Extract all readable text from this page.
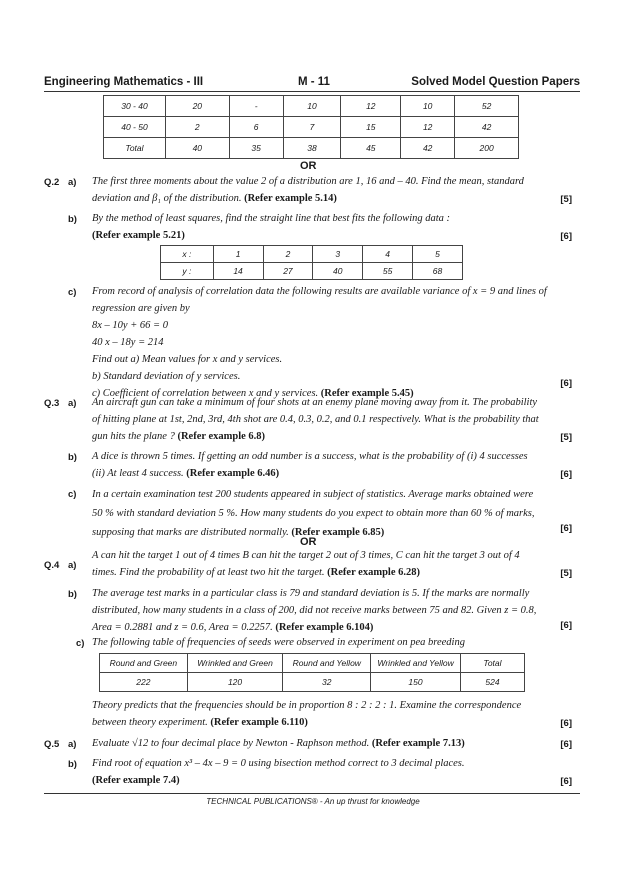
Engineering Mathematics - III	M - 11	Solved Model Question Papers
30 - 40	20	-	10	12	10	52
40 - 50	2	6	7	15	12	42
Total	40	35	38	45	42	200
OR
Q.2 a) The first three moments about the value 2 of a distribution are 1, 16 and – 40. Find the mean, standard
deviation and β₁ of the distribution. (Refer example 5.14)	[5]
b) By the method of least squares, find the straight line that best fits the following data :
(Refer example 5.21)	[6]
x :	1	2	3	4	5
y :	14	27	40	55	68
c) From record of analysis of correlation data the following results are available variance of x = 9 and lines of
regression are given by
8x – 10y + 66 = 0
40 x – 18y = 214
Find out a) Mean values for x and y services.
b) Standard deviation of y services.
c) Coefficient of correlation between x and y services. (Refer example 5.45)
[6]
Q.3 a) An aircraft gun can take a minimum of four shots at an enemy plane moving away from it. The probability
of hitting plane at 1st, 2nd, 3rd, 4th shot are 0.4, 0.3, 0.2, and 0.1 respectively. What is the probability that
gun hits the plane ? (Refer example 6.8)	[5]
b) A dice is thrown 5 times. If getting an odd number is a success, what is the probability of (i) 4 successes
(ii) At least 4 success. (Refer example 6.46)	[6]
c) In a certain examination test 200 students appeared in subject of statistics. Average marks obtained were
50 % with standard deviation 5 %. How many students do you expect to obtain more than 60 % of marks,
supposing that marks are distributed normally. (Refer example 6.85)	[6]
OR
Q.4 a)
A can hit the target 1 out of 4 times B can hit the target 2 out of 3 times, C can hit the target 3 out of 4
times. Find the probability of at least two hit the target. (Refer example 6.28)	[5]
b) The average test marks in a particular class is 79 and standard deviation is 5. If the marks are normally
distributed, how many students in a class of 200, did not receive marks between 75 and 82. Given z = 0.8,
Area = 0.2881 and z = 0.6, Area = 0.2257. (Refer example 6.104)	[6]
c) The following table of frequencies of seeds were observed in experiment on pea breeding
Round and Green	Wrinkled and Green	Round and Yellow	Wrinkled and Yellow	Total
222	120	32	150	524
Theory predicts that the frequencies should be in proportion 8 : 2 : 2 : 1. Examine the correspondence
between theory experiment. (Refer example 6.110)	[6]
Q.5 a) Evaluate √12 to four decimal place by Newton - Raphson method. (Refer example 7.13)	[6]
b) Find root of equation x³ – 4x – 9 = 0 using bisection method correct to 3 decimal places.
(Refer example 7.4)	[6]
TECHNICAL PUBLICATIONS® - An up thrust for knowledge
